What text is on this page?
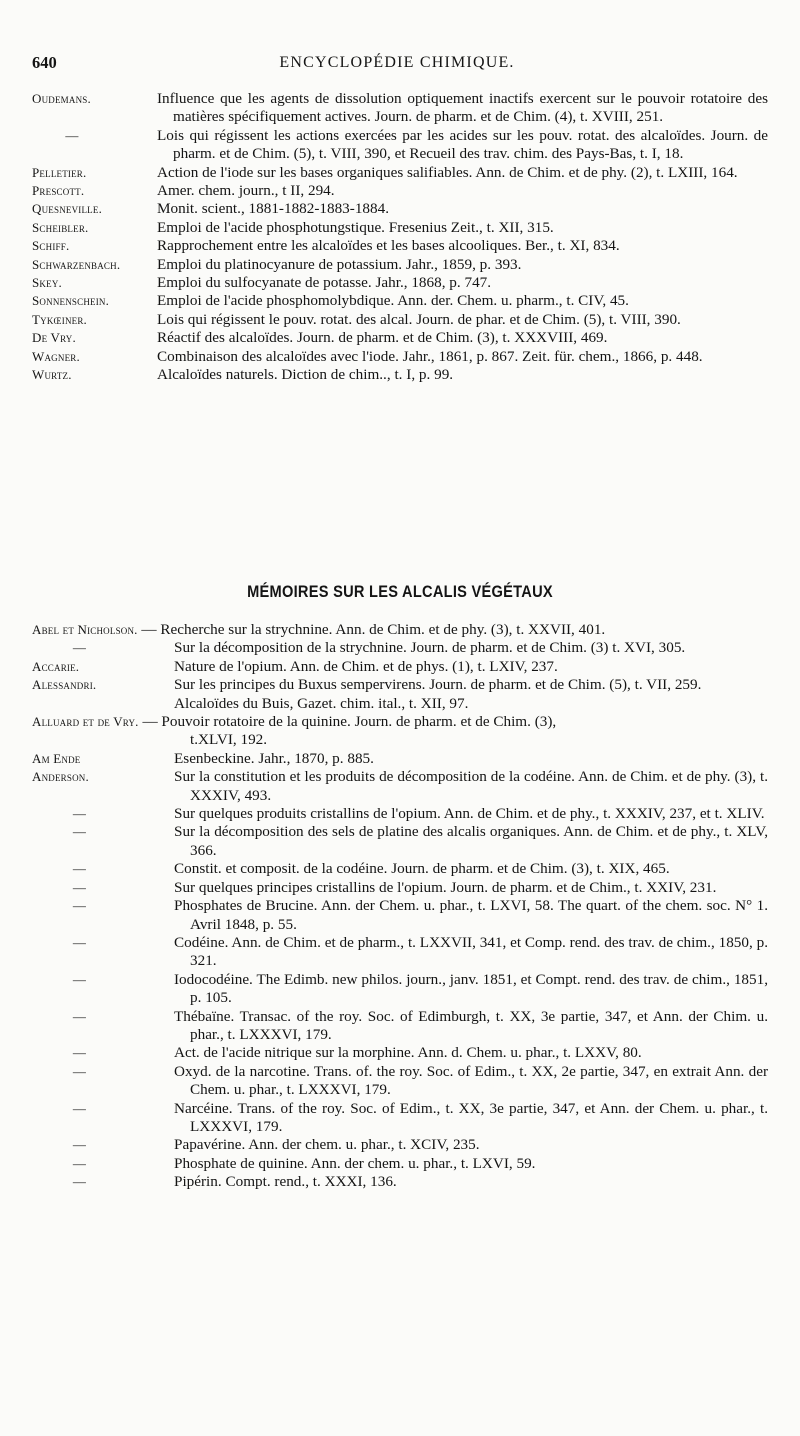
640	ENCYCLOPÉDIE CHIMIQUE.
Oudemans.	Influence que les agents de dissolution optiquement inactifs exercent sur le pouvoir rotatoire des matières spécifiquement actives. Journ. de pharm. et de Chim. (4), t. XVIII, 251.
—	Lois qui régissent les actions exercées par les acides sur les pouv. rotat. des alcaloïdes. Journ. de pharm. et de Chim. (5), t. VIII, 390, et Recueil des trav. chim. des Pays-Bas, t. I, 18.
Pelletier.	Action de l'iode sur les bases organiques salifiables. Ann. de Chim. et de phy. (2), t. LXIII, 164.
Prescott.	Amer. chem. journ., t II, 294.
Quesneville.	Monit. scient., 1881-1882-1883-1884.
Scheibler.	Emploi de l'acide phosphotungstique. Fresenius Zeit., t. XII, 315.
Schiff.	Rapprochement entre les alcaloïdes et les bases alcooliques. Ber., t. XI, 834.
Schwarzenbach.	Emploi du platinocyanure de potassium. Jahr., 1859, p. 393.
Skey.	Emploi du sulfocyanate de potasse. Jahr., 1868, p. 747.
Sonnenschein.	Emploi de l'acide phosphomolybdique. Ann. der. Chem. u. pharm., t. CIV, 45.
Tykœiner.	Lois qui régissent le pouv. rotat. des alcal. Journ. de phar. et de Chim. (5), t. VIII, 390.
De Vry.	Réactif des alcaloïdes. Journ. de pharm. et de Chim. (3), t. XXXVIII, 469.
Wagner.	Combinaison des alcaloïdes avec l'iode. Jahr., 1861, p. 867. Zeit. für. chem., 1866, p. 448.
Wurtz.	Alcaloïdes naturels. Diction de chim.., t. I, p. 99.
MÉMOIRES SUR LES ALCALIS VÉGÉTAUX
Abel et Nicholson. — Recherche sur la strychnine. Ann. de Chim. et de phy. (3), t. XXVII, 401.
—	Sur la décomposition de la strychnine. Journ. de pharm. et de Chim. (3) t. XVI, 305.
Accarie.	Nature de l'opium. Ann. de Chim. et de phys. (1), t. LXIV, 237.
Alessandri.	Sur les principes du Buxus sempervirens. Journ. de pharm. et de Chim. (5), t. VII, 259.
Alcaloïdes du Buis, Gazet. chim. ital., t. XII, 97.
Alluard et de Vry. — Pouvoir rotatoire de la quinine. Journ. de pharm. et de Chim. (3),
t.XLVI, 192.
Am Ende	Esenbeckine. Jahr., 1870, p. 885.
Anderson.	Sur la constitution et les produits de décomposition de la codéine. Ann. de Chim. et de phy. (3), t. XXXIV, 493.
—	Sur quelques produits cristallins de l'opium. Ann. de Chim. et de phy., t. XXXIV, 237, et t. XLIV.
—	Sur la décomposition des sels de platine des alcalis organiques. Ann. de Chim. et de phy., t. XLV, 366.
—	Constit. et composit. de la codéine. Journ. de pharm. et de Chim. (3), t. XIX, 465.
—	Sur quelques principes cristallins de l'opium. Journ. de pharm. et de Chim., t. XXIV, 231.
—	Phosphates de Brucine. Ann. der Chem. u. phar., t. LXVI, 58. The quart. of the chem. soc. N° 1. Avril 1848, p. 55.
—	Codéine. Ann. de Chim. et de pharm., t. LXXVII, 341, et Comp. rend. des trav. de chim., 1850, p. 321.
—	Iodocodéine. The Edimb. new philos. journ., janv. 1851, et Compt. rend. des trav. de chim., 1851, p. 105.
—	Thébaïne. Transac. of the roy. Soc. of Edimburgh, t. XX, 3e partie, 347, et Ann. der Chim. u. phar., t. LXXXVI, 179.
—	Act. de l'acide nitrique sur la morphine. Ann. d. Chem. u. phar., t. LXXV, 80.
—	Oxyd. de la narcotine. Trans. of. the roy. Soc. of Edim., t. XX, 2e partie, 347, en extrait Ann. der Chem. u. phar., t. LXXXVI, 179.
—	Narcéine. Trans. of the roy. Soc. of Edim., t. XX, 3e partie, 347, et Ann. der Chem. u. phar., t. LXXXVI, 179.
—	Papavérine. Ann. der chem. u. phar., t. XCIV, 235.
—	Phosphate de quinine. Ann. der chem. u. phar., t. LXVI, 59.
—	Pipérin. Compt. rend., t. XXXI, 136.
